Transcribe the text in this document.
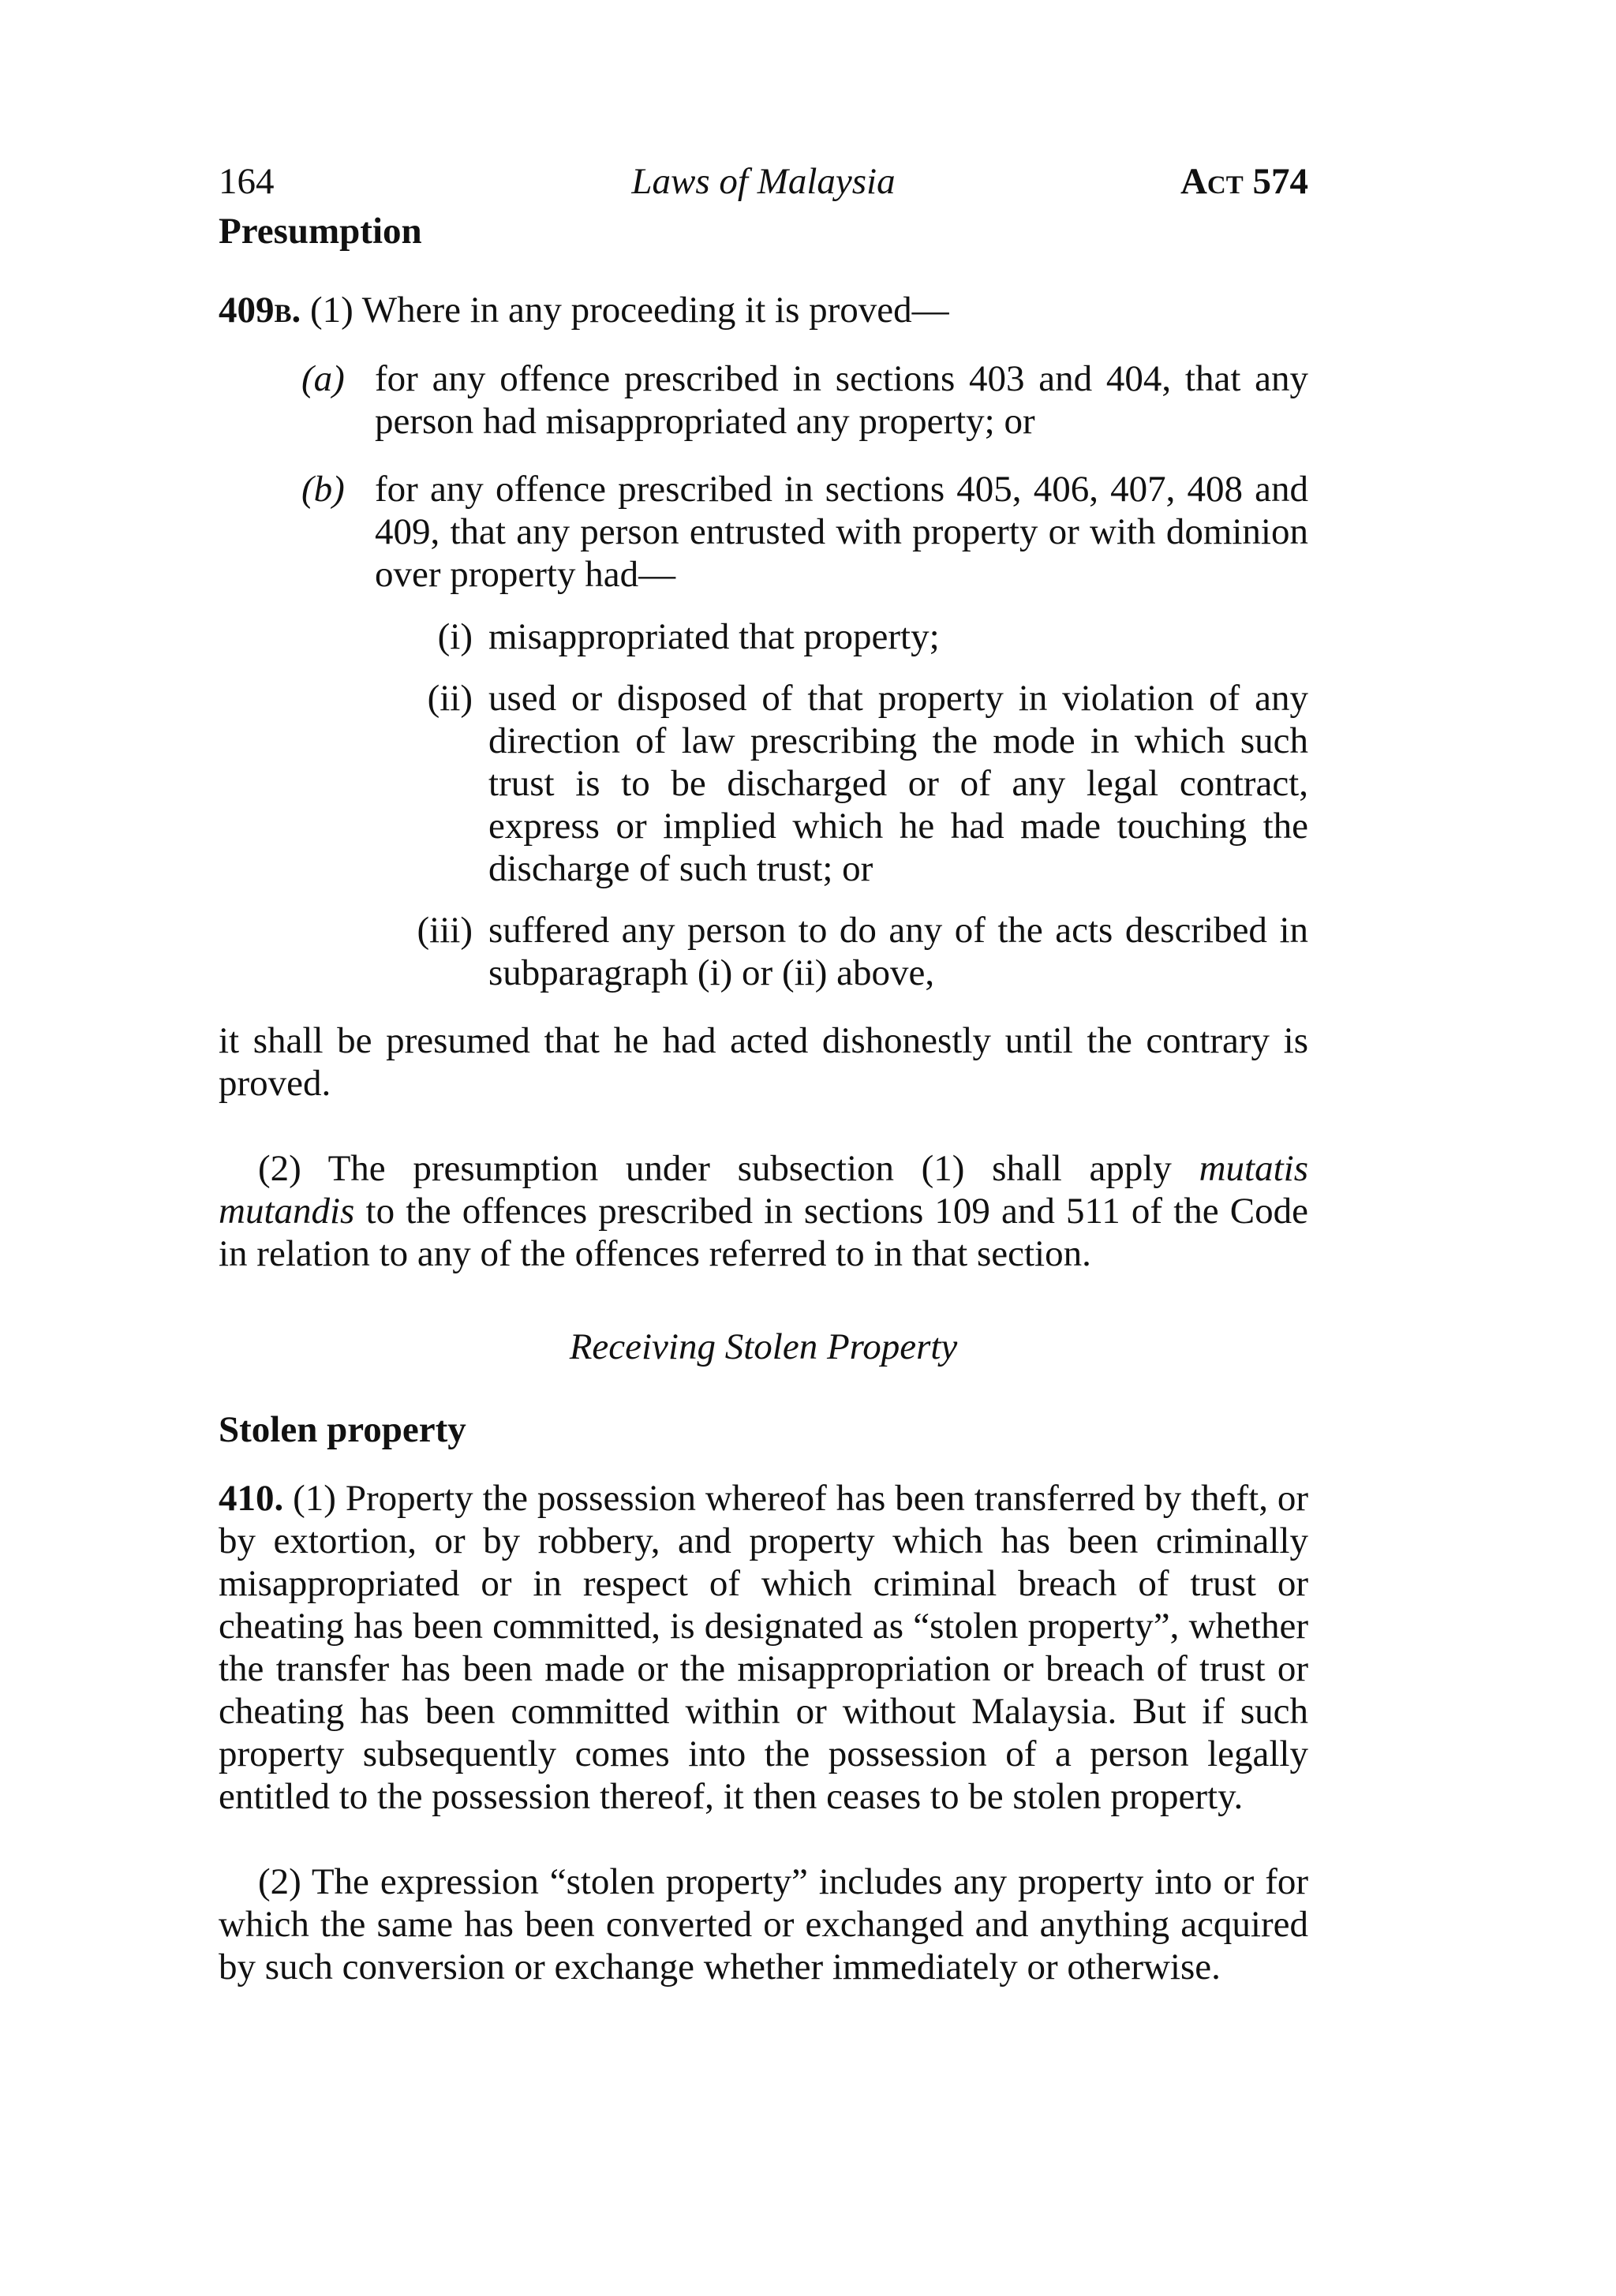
164	Laws of Malaysia	Act 574
Presumption

409b. (1) Where in any proceeding it is proved—

(a) for any offence prescribed in sections 403 and 404, that any person had misappropriated any property; or

(b) for any offence prescribed in sections 405, 406, 407, 408 and 409, that any person entrusted with property or with dominion over property had—

(i) misappropriated that property;

(ii) used or disposed of that property in violation of any direction of law prescribing the mode in which such trust is to be discharged or of any legal contract, express or implied which he had made touching the discharge of such trust; or

(iii) suffered any person to do any of the acts described in subparagraph (i) or (ii) above,

it shall be presumed that he had acted dishonestly until the contrary is proved.

(2) The presumption under subsection (1) shall apply mutatis mutandis to the offences prescribed in sections 109 and 511 of the Code in relation to any of the offences referred to in that section.

Receiving Stolen Property

Stolen property

410. (1) Property the possession whereof has been transferred by theft, or by extortion, or by robbery, and property which has been criminally misappropriated or in respect of which criminal breach of trust or cheating has been committed, is designated as “stolen property”, whether the transfer has been made or the misappropriation or breach of trust or cheating has been committed within or without Malaysia. But if such property subsequently comes into the possession of a person legally entitled to the possession thereof, it then ceases to be stolen property.

(2) The expression “stolen property” includes any property into or for which the same has been converted or exchanged and anything acquired by such conversion or exchange whether immediately or otherwise.
